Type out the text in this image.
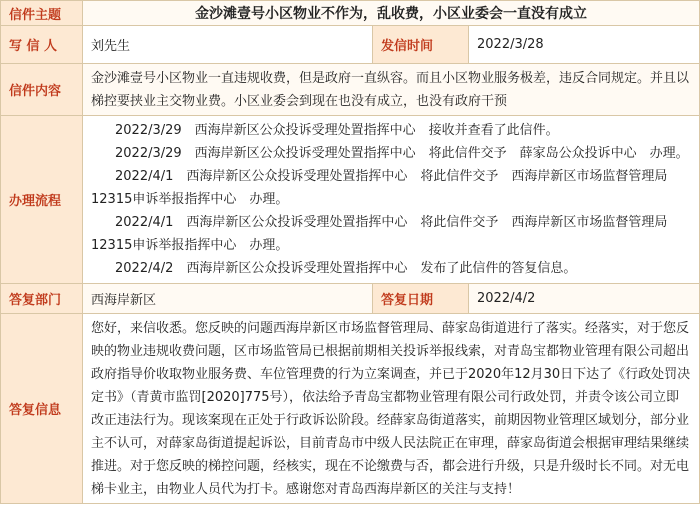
信件主题	金沙滩壹号小区物业不作为，乱收费，小区业委会一直没有成立		
写 信 人	刘先生	发信时间	2022/3/28
信件内容	金沙滩壹号小区物业一直违规收费，但是政府一直纵容。而且小区物业服务极差，违反合同规定。并且以梯控要挟业主交物业费。小区业委会到现在也没有成立，也没有政府干预		
办理流程	2022/3/29　西海岸新区公众投诉受理处置指挥中心　接收并查看了此信件。
2022/3/29　西海岸新区公众投诉受理处置指挥中心　将此信件交予　薛家岛公众投诉中心　办理。
2022/4/1　西海岸新区公众投诉受理处置指挥中心　将此信件交予　西海岸新区市场监督管理局12315申诉举报指挥中心　办理。
2022/4/1　西海岸新区公众投诉受理处置指挥中心　将此信件交予　西海岸新区市场监督管理局12315申诉举报指挥中心　办理。
2022/4/2　西海岸新区公众投诉受理处置指挥中心　发布了此信件的答复信息。		

答复部门	西海岸新区	答复日期	2022/4/2
答复信息	您好，来信收悉。您反映的问题西海岸新区市场监督管理局、薛家岛街道进行了落实。经落实，对于您反映的物业违规收费问题，区市场监管局已根据前期相关投诉举报线索，对青岛宝都物业管理有限公司超出政府指导价收取物业服务费、车位管理费的行为立案调查，并已于2020年12月30日下达了《行政处罚决定书》（青黄市监罚[2020]775号），依法给予青岛宝都物业管理有限公司行政处罚，并责令该公司立即改正违法行为。现该案现在正处于行政诉讼阶段。经薛家岛街道落实，前期因物业管理区域划分，部分业主不认可，对薛家岛街道提起诉讼，目前青岛市中级人民法院正在审理，薛家岛街道会根据审理结果继续推进。对于您反映的梯控问题，经核实，现在不论缴费与否，都会进行升级，只是升级时长不同。对无电梯卡业主，由物业人员代为打卡。感谢您对青岛西海岸新区的关注与支持！		
